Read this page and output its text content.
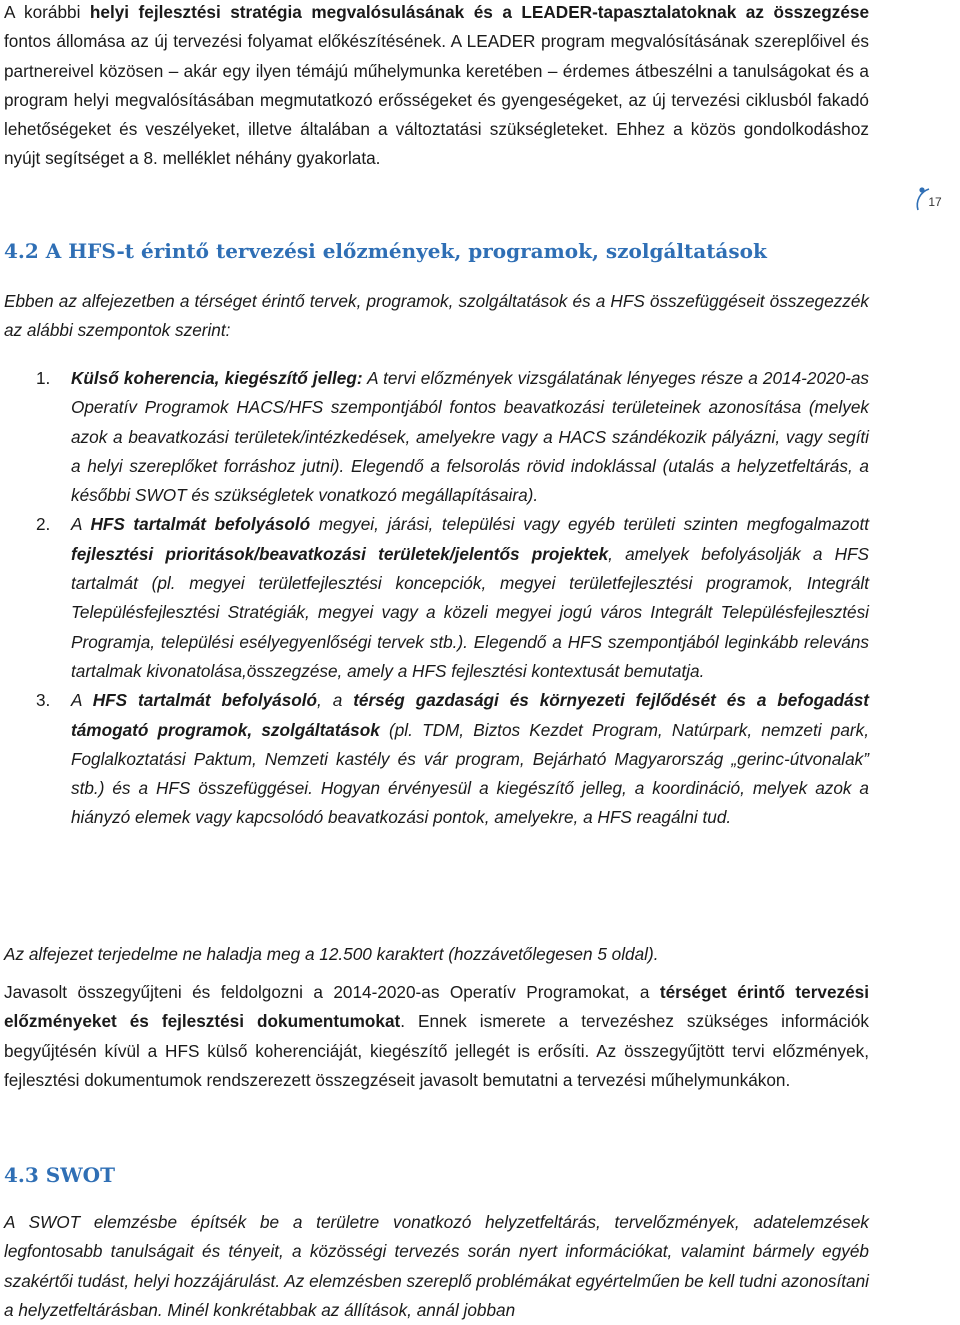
17

A korábbi helyi fejlesztési stratégia megvalósulásának és a LEADER-tapasztalatoknak az összegzése fontos állomása az új tervezési folyamat előkészítésének. A LEADER program megvalósításának szereplőivel és partnereivel közösen – akár egy ilyen témájú műhelymunka keretében – érdemes átbeszélni a tanulságokat és a program helyi megvalósításában megmutatkozó erősségeket és gyengeségeket, az új tervezési ciklusból fakadó lehetőségeket és veszélyeket, illetve általában a változtatási szükségleteket. Ehhez a közös gondolkodáshoz nyújt segítséget a 8. melléklet néhány gyakorlata.

4.2 A HFS-t érintő tervezési előzmények, programok, szolgáltatások

Ebben az alfejezetben a térséget érintő tervek, programok, szolgáltatások és a HFS összefüggéseit összegezzék az alábbi szempontok szerint:

1. Külső koherencia, kiegészítő jelleg: A tervi előzmények vizsgálatának lényeges része a 2014-2020-as Operatív Programok HACS/HFS szempontjából fontos beavatkozási területeinek azonosítása (melyek azok a beavatkozási területek/intézkedések, amelyekre vagy a HACS szándékozik pályázni, vagy segíti a helyi szereplőket forráshoz jutni). Elegendő a felsorolás rövid indoklással (utalás a helyzetfeltárás, a későbbi SWOT és szükségletek vonatkozó megállapításaira).
2. A HFS tartalmát befolyásoló megyei, járási, települési vagy egyéb területi szinten megfogalmazott fejlesztési prioritások/beavatkozási területek/jelentős projektek, amelyek befolyásolják a HFS tartalmát (pl. megyei területfejlesztési koncepciók, megyei területfejlesztési programok, Integrált Településfejlesztési Stratégiák, megyei vagy a közeli megyei jogú város Integrált Településfejlesztési Programja, települési esélyegyenlőségi tervek stb.). Elegendő a HFS szempontjából leginkább releváns tartalmak kivonatolása,összegzése, amely a HFS fejlesztési kontextusát bemutatja.
3. A HFS tartalmát befolyásoló, a térség gazdasági és környezeti fejlődését és a befogadást támogató programok, szolgáltatások (pl. TDM, Biztos Kezdet Program, Natúrpark, nemzeti park, Foglalkoztatási Paktum, Nemzeti kastély és vár program, Bejárható Magyarország „gerinc-útvonalak” stb.) és a HFS összefüggései. Hogyan érvényesül a kiegészítő jelleg, a koordináció, melyek azok a hiányzó elemek vagy kapcsolódó beavatkozási pontok, amelyekre, a HFS reagálni tud.

Az alfejezet terjedelme ne haladja meg a 12.500 karaktert (hozzávetőlegesen 5 oldal).

Javasolt összegyűjteni és feldolgozni a 2014-2020-as Operatív Programokat, a térséget érintő tervezési előzményeket és fejlesztési dokumentumokat. Ennek ismerete a tervezéshez szükséges információk begyűjtésén kívül a HFS külső koherenciáját, kiegészítő jellegét is erősíti. Az összegyűjtött tervi előzmények, fejlesztési dokumentumok rendszerezett összegzéseit javasolt bemutatni a tervezési műhelymunkákon.

4.3 SWOT

A SWOT elemzésbe építsék be a területre vonatkozó helyzetfeltárás, tervelőzmények, adatelemzések legfontosabb tanulságait és tényeit, a közösségi tervezés során nyert információkat, valamint bármely egyéb szakértői tudást, helyi hozzájárulást. Az elemzésben szereplő problémákat egyértelműen be kell tudni azonosítani a helyzetfeltárásban. Minél konkrétabbak az állítások, annál jobban
